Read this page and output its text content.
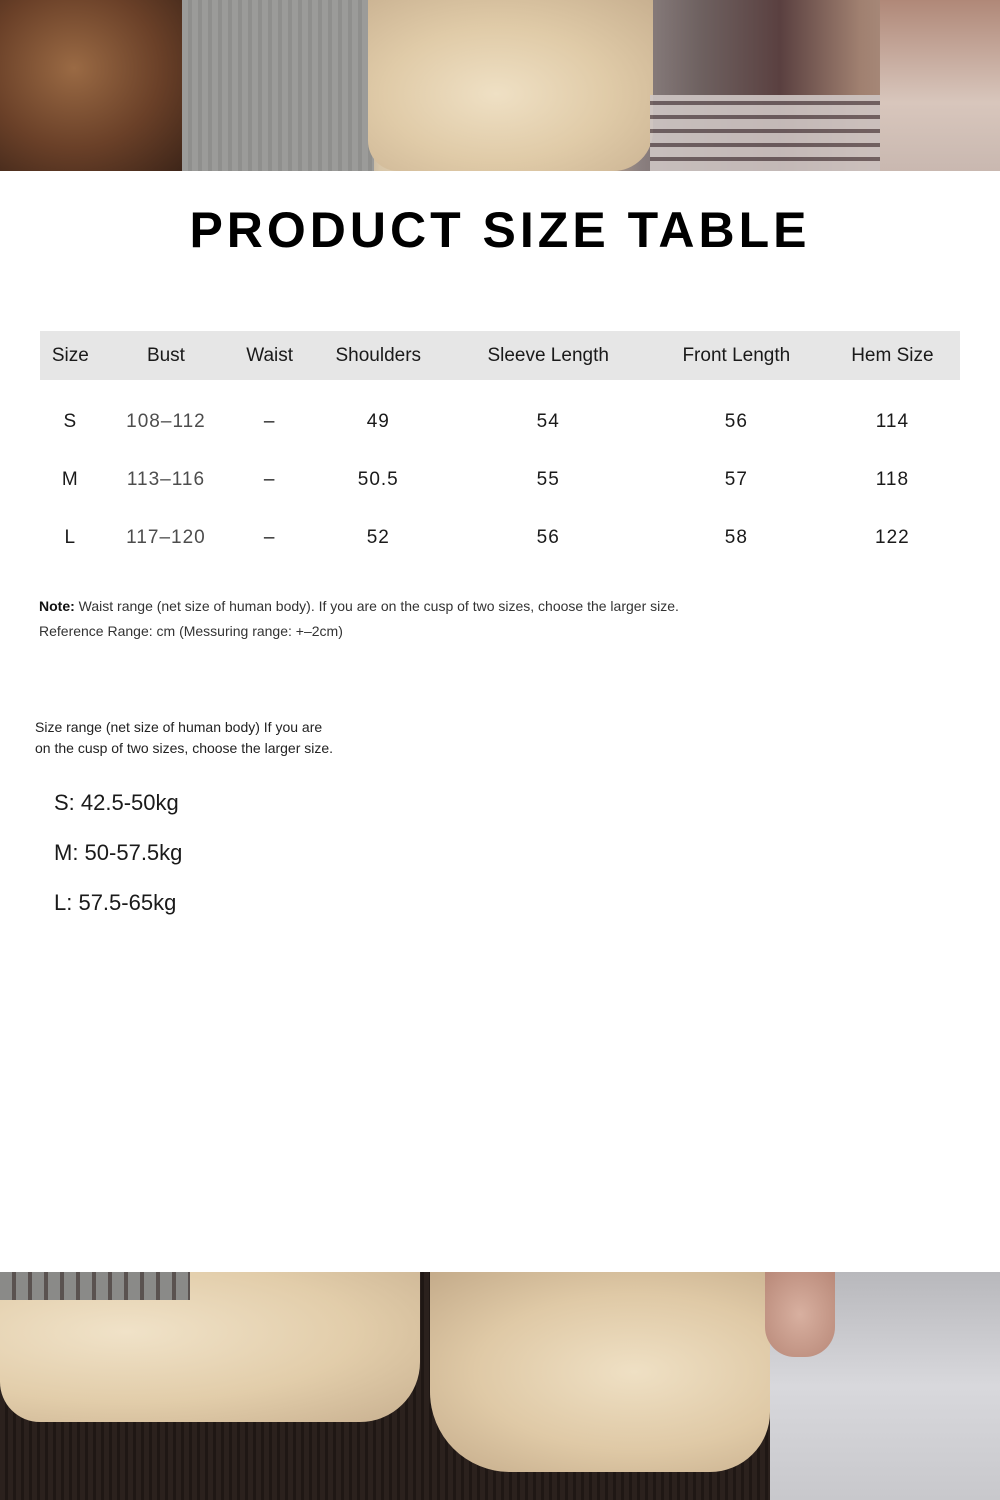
PRODUCT SIZE TABLE
Size	Bust	Waist	Shoulders	Sleeve Length	Front Length	Hem Size

S	108–112	–	49	54	56	114
M	113–116	–	50.5	55	57	118
L	117–120	–	52	56	58	122
Note: Waist range (net size of human body). If you are on the cusp of two sizes, choose the larger size.
Reference Range: cm (Messuring range: +–2cm)
Size range (net size of human body) If you are
on the cusp of two sizes, choose the larger size.
S: 42.5-50kg
M: 50-57.5kg
L: 57.5-65kg
